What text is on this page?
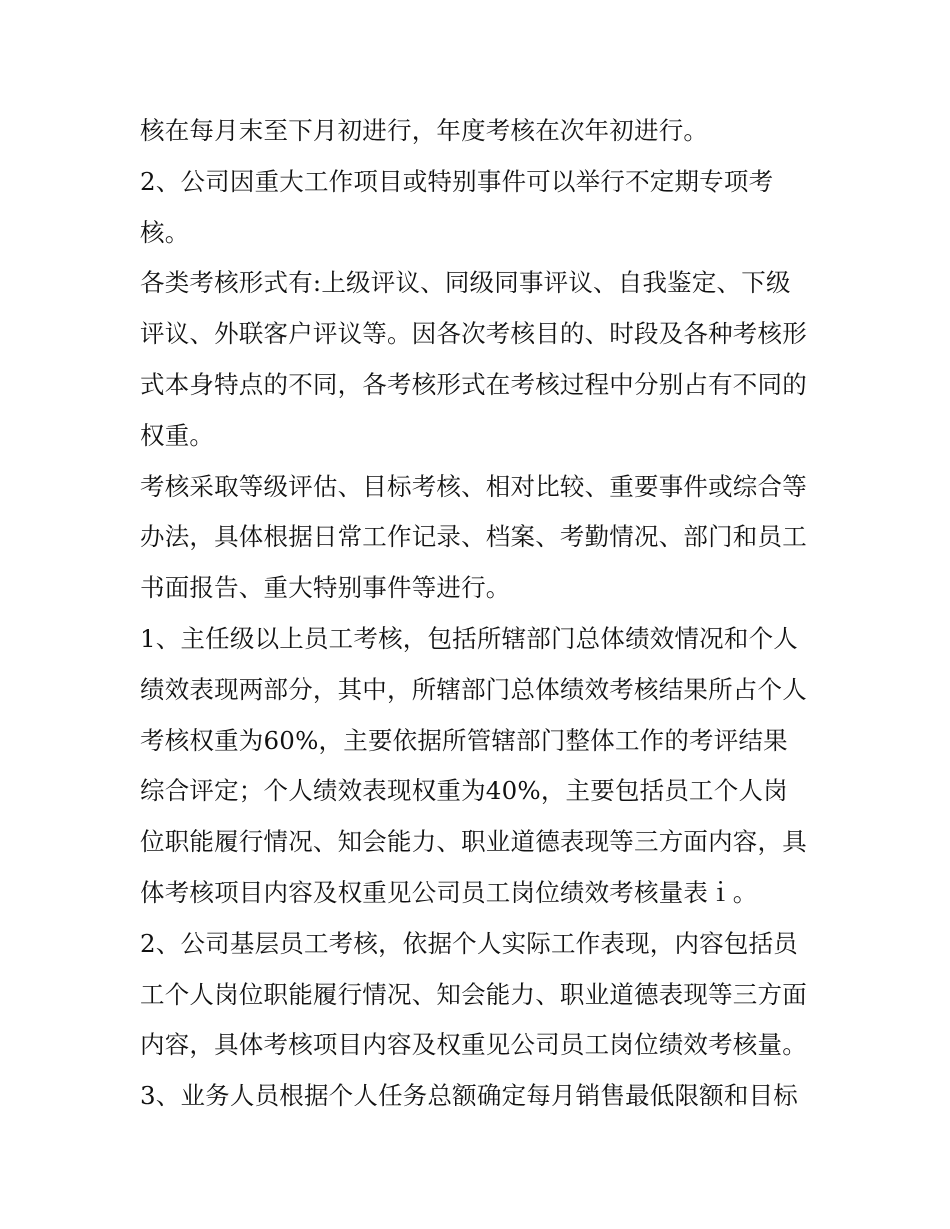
核在每月末至下月初进行，年度考核在次年初进行。
2、公司因重大工作项目或特别事件可以举行不定期专项考
核。
各类考核形式有:上级评议、同级同事评议、自我鉴定、下级
评议、外联客户评议等。因各次考核目的、时段及各种考核形
式本身特点的不同，各考核形式在考核过程中分别占有不同的
权重。
考核采取等级评估、目标考核、相对比较、重要事件或综合等
办法，具体根据日常工作记录、档案、考勤情况、部门和员工
书面报告、重大特别事件等进行。
1、主任级以上员工考核，包括所辖部门总体绩效情况和个人
绩效表现两部分，其中，所辖部门总体绩效考核结果所占个人
考核权重为60%，主要依据所管辖部门整体工作的考评结果
综合评定；个人绩效表现权重为40%，主要包括员工个人岗
位职能履行情况、知会能力、职业道德表现等三方面内容，具
体考核项目内容及权重见公司员工岗位绩效考核量表ｉ。
2、公司基层员工考核，依据个人实际工作表现，内容包括员
工个人岗位职能履行情况、知会能力、职业道德表现等三方面
内容，具体考核项目内容及权重见公司员工岗位绩效考核量。
3、业务人员根据个人任务总额确定每月销售最低限额和目标
